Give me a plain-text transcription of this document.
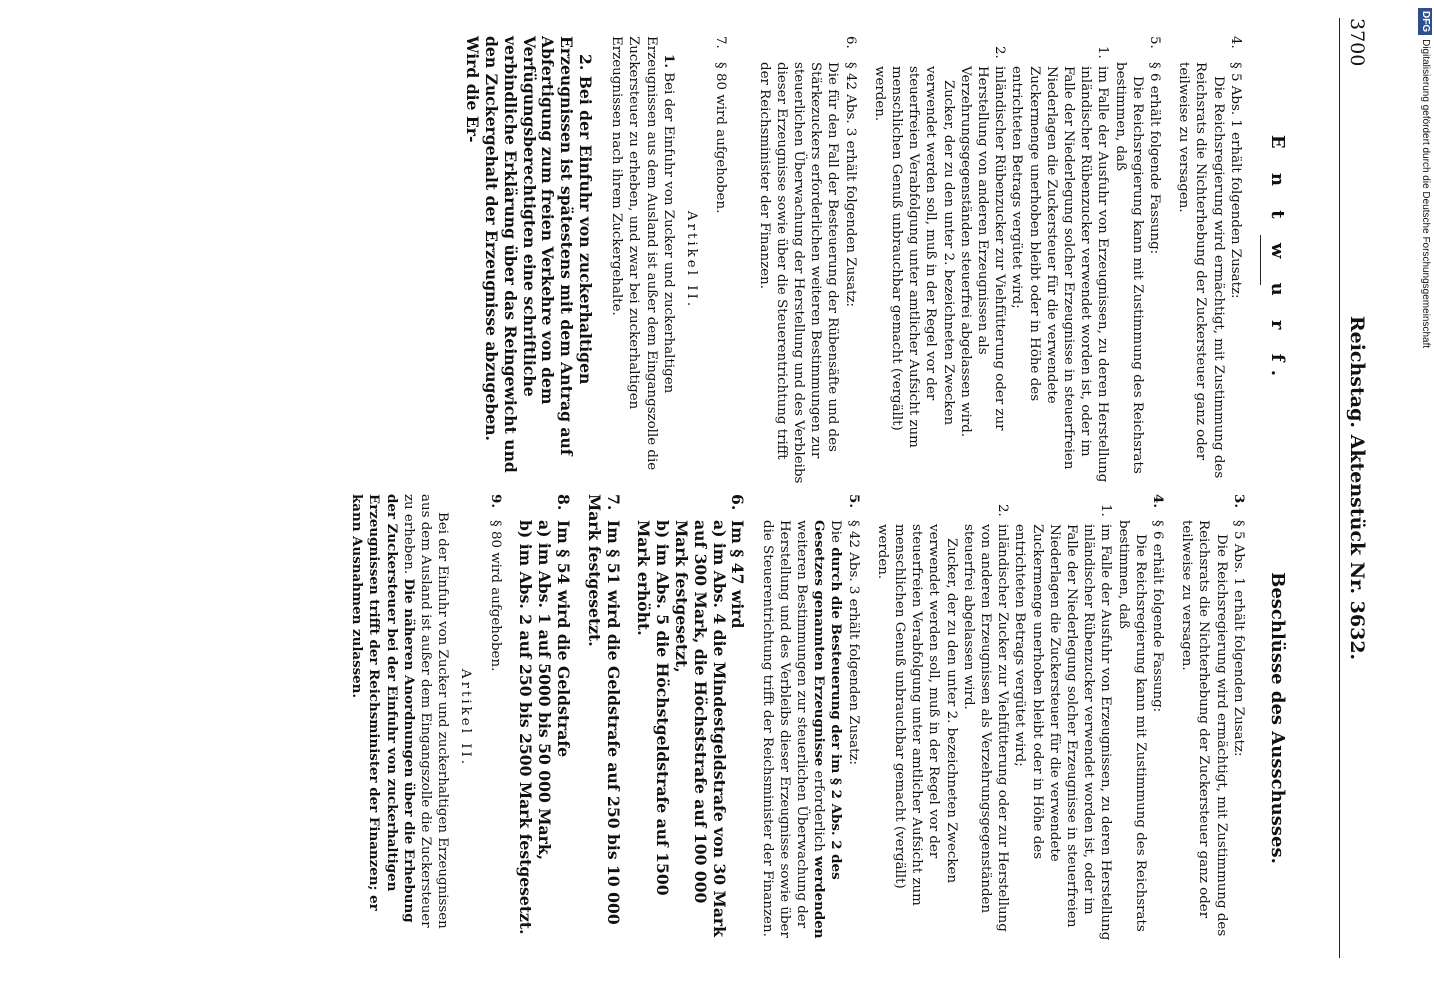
3700
Reichstag. Aktenstück Nr. 3632.
E n t w u r f.
4.§ 5 Abs. 1 erhält folgenden Zusatz:
Die Reichsregierung wird ermächtigt, mit Zustimmung des Reichsrats die Nichterhebung der Zuckersteuer ganz oder teilweise zu versagen.
5.§ 6 erhält folgende Fassung:
Die Reichsregierung kann mit Zustimmung des Reichsrats bestimmen, daß
1.im Falle der Ausfuhr von Erzeugnissen, zu deren Herstellung inländischer Rübenzucker verwendet worden ist, oder im Falle der Niederlegung solcher Erzeugnisse in steuerfreien Niederlagen die Zuckersteuer für die verwendete Zuckermenge unerhoben bleibt oder in Höhe des entrichteten Betrags vergütet wird;
2.inländischer Rübenzucker zur Viehfütterung oder zur Herstellung von anderen Erzeugnissen als Verzehrungsgegenständen steuerfrei abgelassen wird.
Zucker, der zu den unter 2. bezeichneten Zwecken verwendet werden soll, muß in der Regel vor der steuerfreien Verabfolgung unter amtlicher Aufsicht zum menschlichen Genuß unbrauchbar gemacht (vergällt) werden.
6.§ 42 Abs. 3 erhält folgenden Zusatz:
Die für den Fall der Besteuerung der Rübensäfte und des Stärkezuckers erforderlichen weiteren Bestimmungen zur steuerlichen Überwachung der Herstellung und des Verbleibs dieser Erzeugnisse sowie über die Steuerentrichtung trifft der Reichsminister der Finanzen.
7.§ 80 wird aufgehoben.
Artikel II.
1. Bei der Einfuhr von Zucker und zuckerhaltigen Erzeugnissen aus dem Ausland ist außer dem Eingangszolle die Zuckersteuer zu erheben, und zwar bei zuckerhaltigen Erzeugnissen nach ihrem Zuckergehalte.
2. Bei der Einfuhr von zuckerhaltigen Erzeugnissen ist spätestens mit dem Antrag auf Abfertigung zum freien Verkehre von dem Verfügungsberechtigten eine schriftliche verbindliche Erklärung über das Reingewicht und den Zuckergehalt der Erzeugnisse abzugeben. Wird die Er-
Beschlüsse des Ausschusses.
3.§ 5 Abs. 1 erhält folgenden Zusatz:
Die Reichsregierung wird ermächtigt, mit Zustimmung des Reichsrats die Nichterhebung der Zuckersteuer ganz oder teilweise zu versagen.
4.§ 6 erhält folgende Fassung:
Die Reichsregierung kann mit Zustimmung des Reichsrats bestimmen, daß
1.im Falle der Ausfuhr von Erzeugnissen, zu deren Herstellung inländischer Rübenzucker verwendet worden ist, oder im Falle der Niederlegung solcher Erzeugnisse in steuerfreien Niederlagen die Zuckersteuer für die verwendete Zuckermenge unerhoben bleibt oder in Höhe des entrichteten Betrags vergütet wird;
2.inländischer Zucker zur Viehfütterung oder zur Herstellung von anderen Erzeugnissen als Verzehrungsgegenständen steuerfrei abgelassen wird.
Zucker, der zu den unter 2. bezeichneten Zwecken verwendet werden soll, muß in der Regel vor der steuerfreien Verabfolgung unter amtlicher Aufsicht zum menschlichen Genuß unbrauchbar gemacht (vergällt) werden.
5.§ 42 Abs. 3 erhält folgenden Zusatz:
Die durch die Besteuerung der im § 2 Abs. 2 des Gesetzes genannten Erzeugnisse erforderlich werdenden weiteren Bestimmungen zur steuerlichen Überwachung der Herstellung und des Verbleibs dieser Erzeugnisse sowie über die Steuerentrichtung trifft der Reichsminister der Finanzen.
6.Im § 47 wird
a) im Abs. 4 die Mindestgeldstrafe von 30 Mark auf 300 Mark, die Höchststrafe auf 100 000 Mark festgesetzt,
b) im Abs. 5 die Höchstgeldstrafe auf 1500 Mark erhöht.
7.Im § 51 wird die Geldstrafe auf 250 bis 10 000 Mark festgesetzt.
8.Im § 54 wird die Geldstrafe
a) im Abs. 1 auf 5000 bis 50 000 Mark,
b) im Abs. 2 auf 250 bis 2500 Mark festgesetzt.
9.§ 80 wird aufgehoben.
Artikel II.
Bei der Einfuhr von Zucker und zuckerhaltigen Erzeugnissen aus dem Ausland ist außer dem Eingangszolle die Zuckersteuer zu erheben. Die näheren Anordnungen über die Erhebung der Zuckersteuer bei der Einfuhr von zuckerhaltigen Erzeugnissen trifft der Reichsminister der Finanzen; er kann Ausnahmen zulassen.
DFGDigitalisierung gefördert durch die Deutsche Forschungsgemeinschaft
